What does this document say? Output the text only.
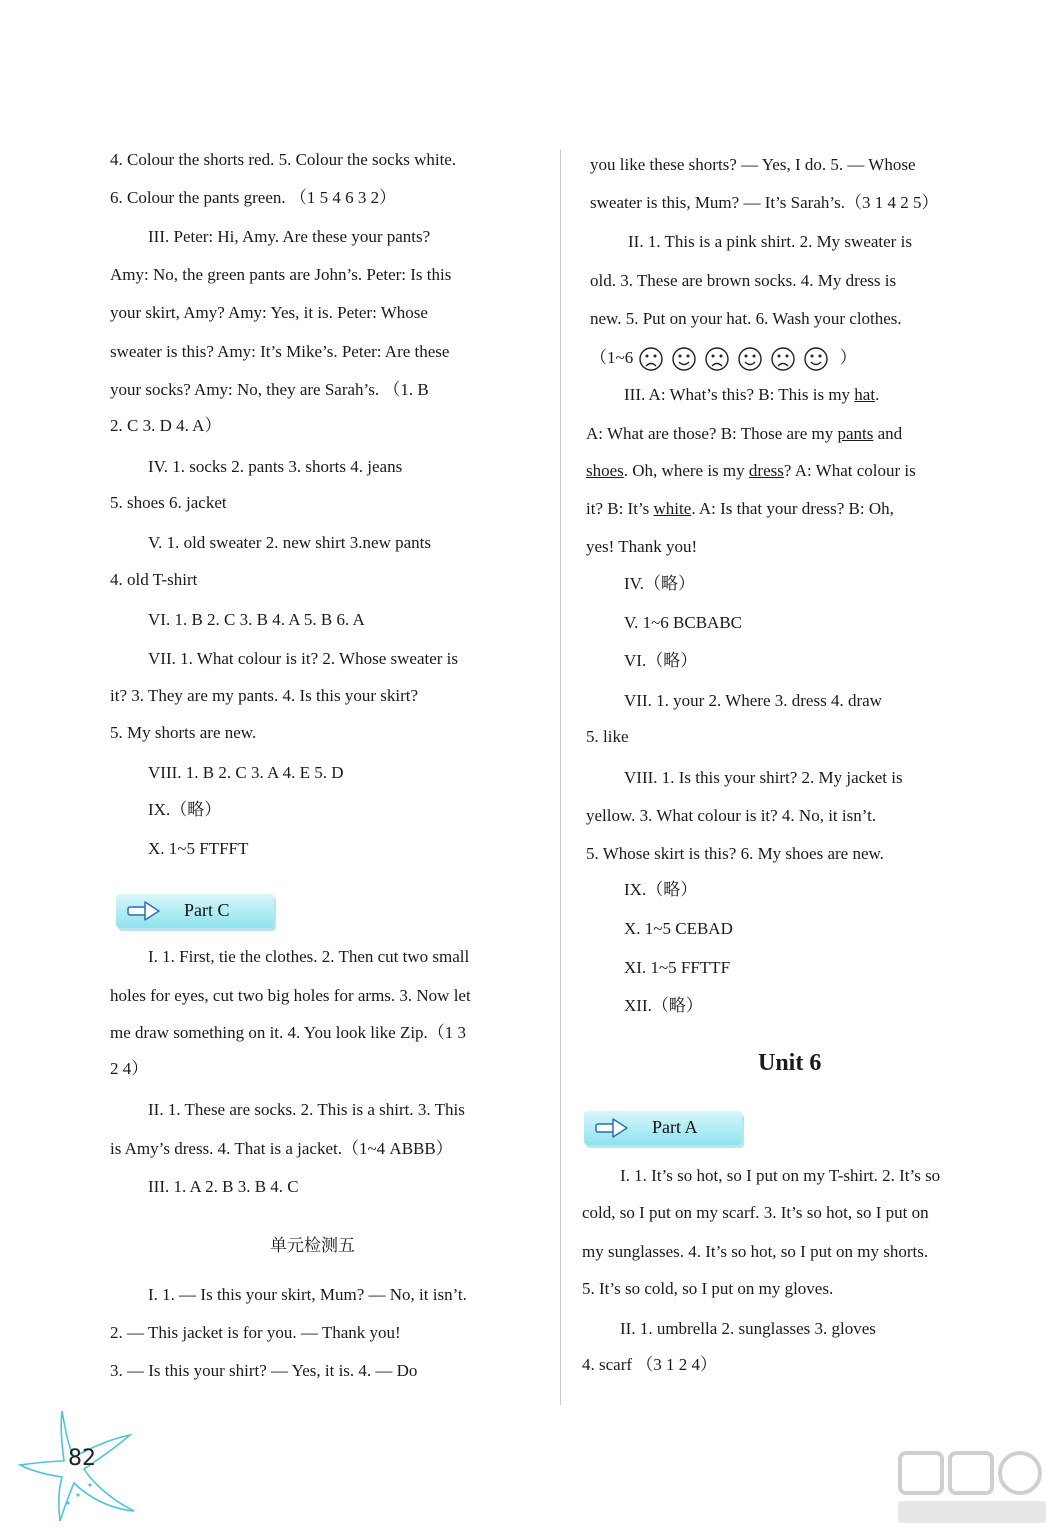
4. Colour the shorts red. 5. Colour the socks white.
6. Colour the pants green. （1 5 4 6 3 2）
III. Peter: Hi, Amy. Are these your pants?
Amy: No, the green pants are John’s. Peter: Is this
your skirt, Amy? Amy: Yes, it is. Peter: Whose
sweater is this? Amy: It’s Mike’s. Peter: Are these
your socks? Amy: No, they are Sarah’s. （1. B
2. C 3. D 4. A）
IV. 1. socks 2. pants 3. shorts 4. jeans
5. shoes 6. jacket
V. 1. old sweater 2. new shirt 3.new pants
4. old T-shirt
VI. 1. B 2. C 3. B 4. A 5. B 6. A
VII. 1. What colour is it? 2. Whose sweater is
it? 3. They are my pants. 4. Is this your skirt?
5. My shorts are new.
VIII. 1. B 2. C 3. A 4. E 5. D
IX.（略）
X. 1~5 FTFFT
Part C
I. 1. First, tie the clothes. 2. Then cut two small
holes for eyes, cut two big holes for arms. 3. Now let
me draw something on it. 4. You look like Zip.（1 3
2 4）
II. 1. These are socks. 2. This is a shirt. 3. This
is Amy’s dress. 4. That is a jacket.（1~4 ABBB）
III. 1. A 2. B 3. B 4. C
单元检测五
I. 1. — Is this your skirt, Mum? — No, it isn’t.
2. — This jacket is for you. — Thank you!
3. — Is this your shirt? — Yes, it is. 4. — Do
you like these shorts? — Yes, I do. 5. — Whose
sweater is this, Mum? — It’s Sarah’s.（3 1 4 2 5）
II. 1. This is a pink shirt. 2. My sweater is
old. 3. These are brown socks. 4. My dress is
new. 5. Put on your hat. 6. Wash your clothes.
（1~6	）
III. A: What’s this? B: This is my hat.
A: What are those? B: Those are my pants and
shoes. Oh, where is my dress? A: What colour is
it? B: It’s white. A: Is that your dress? B: Oh,
yes! Thank you!
IV.（略）
V. 1~6 BCBABC
VI.（略）
VII. 1. your 2. Where 3. dress 4. draw
5. like
VIII. 1. Is this your shirt? 2. My jacket is
yellow. 3. What colour is it? 4. No, it isn’t.
5. Whose skirt is this? 6. My shoes are new.
IX.（略）
X. 1~5 CEBAD
XI. 1~5 FFTTF
XII.（略）
Unit 6
Part A
I. 1. It’s so hot, so I put on my T-shirt. 2. It’s so
cold, so I put on my scarf. 3. It’s so hot, so I put on
my sunglasses. 4. It’s so hot, so I put on my shorts.
5. It’s so cold, so I put on my gloves.
II. 1. umbrella 2. sunglasses 3. gloves
4. scarf （3 1 2 4）
82
